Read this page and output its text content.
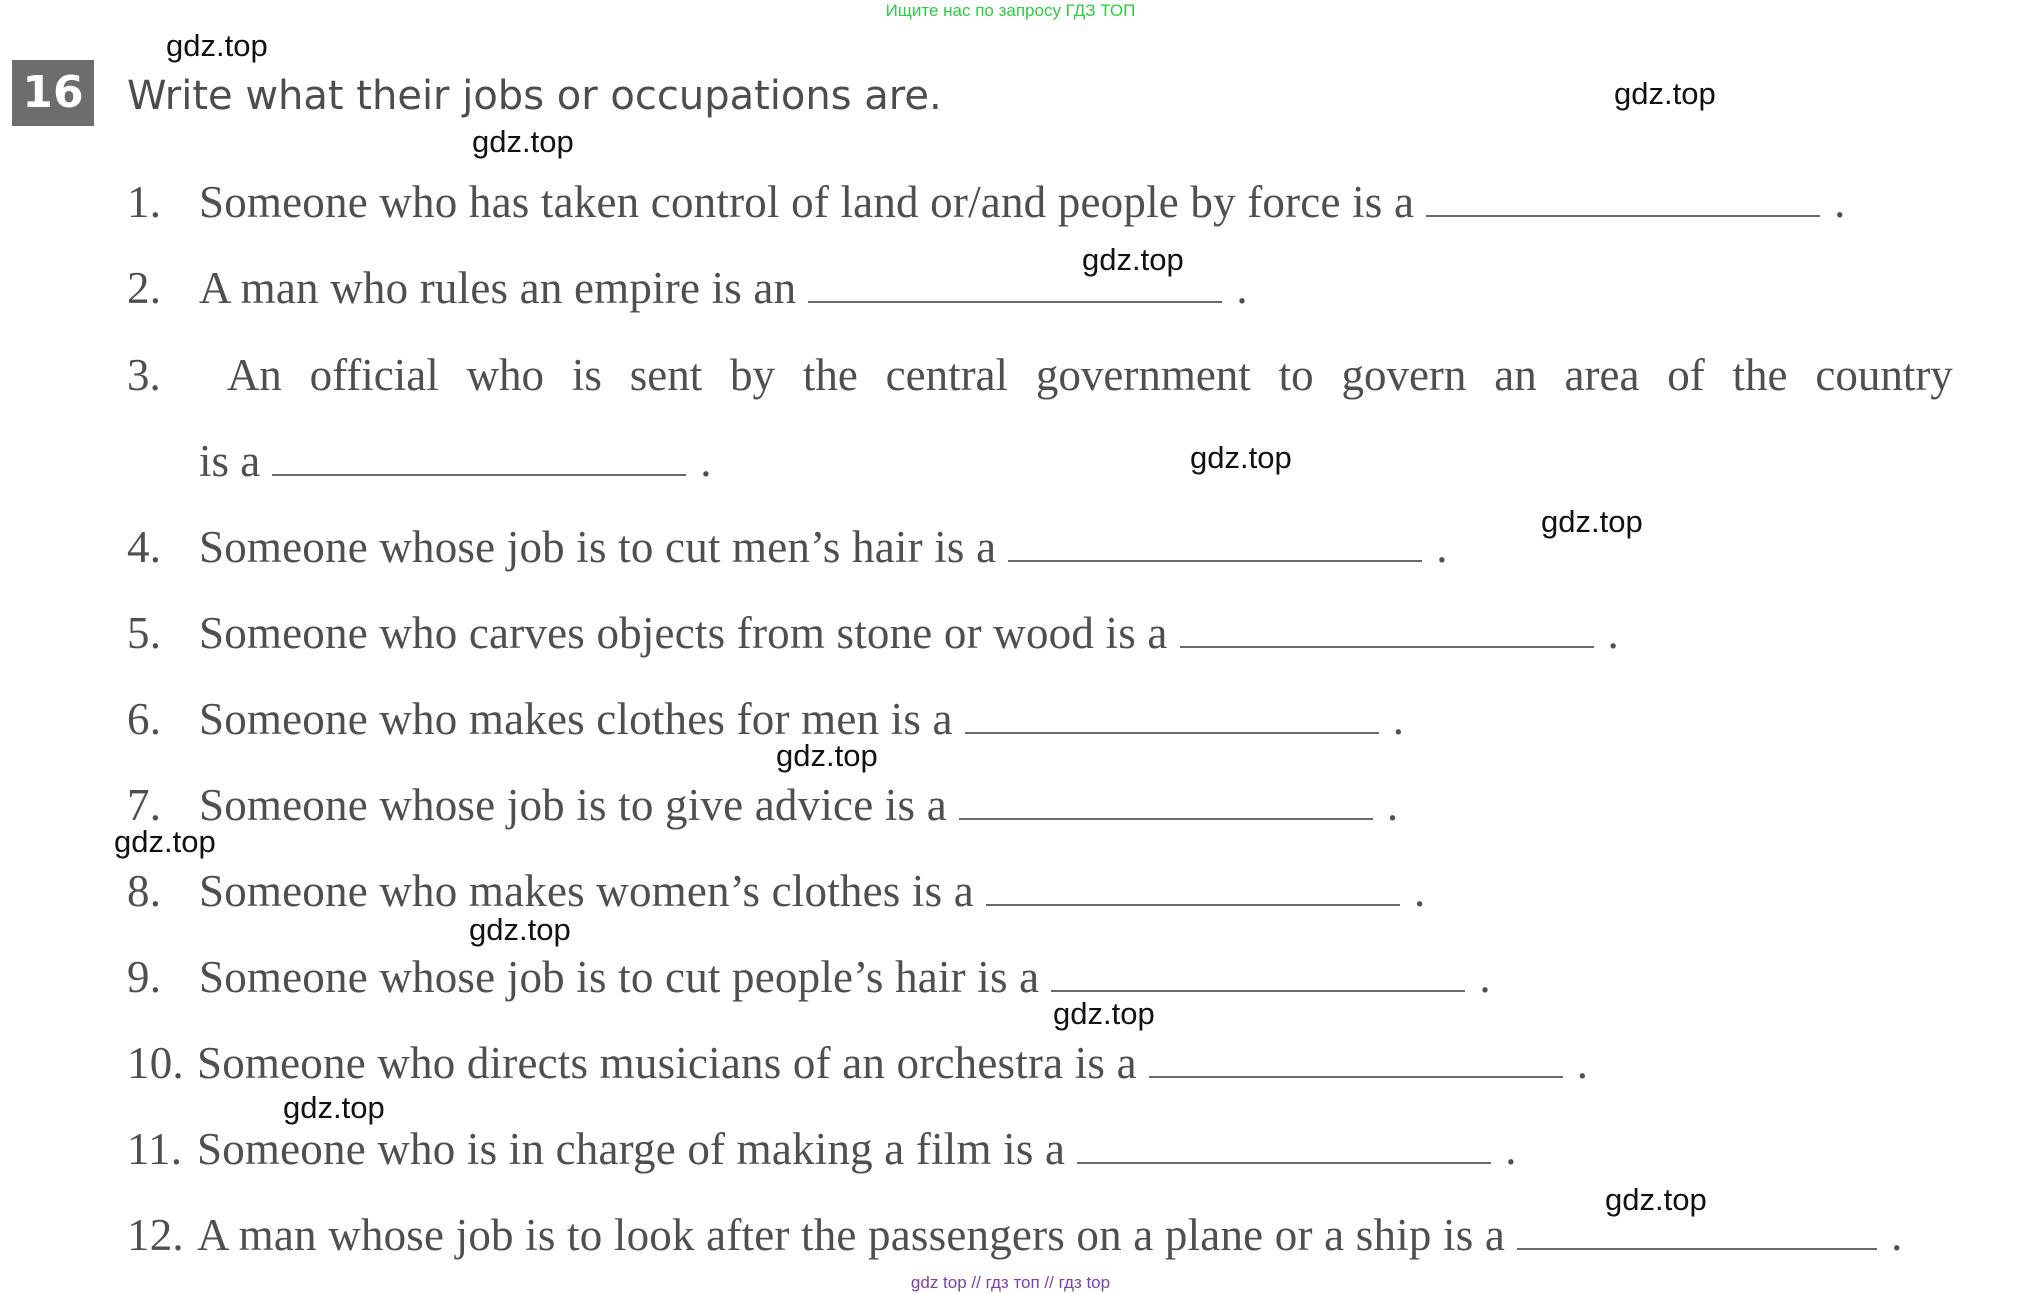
Ищите нас по запросу ГДЗ ТОП
16 Write what their jobs or occupations are.
1. Someone who has taken control of land or/and people by force is a	.
2. A man who rules an empire is an	.
3.	An official who is sent by the central government to govern an area of the country
is a	.
4. Someone whose job is to cut men’s hair is a	.
5. Someone who carves objects from stone or wood is a	.
6. Someone who makes clothes for men is a	.
7. Someone whose job is to give advice is a	.
8. Someone who makes women’s clothes is a	.
9. Someone whose job is to cut people’s hair is a	.
10. Someone who directs musicians of an orchestra is a	.
11. Someone who is in charge of making a film is a	.
12. A man whose job is to look after the passengers on a plane or a ship is a	.
gdz.top
gdz.top
gdz.top
gdz.top
gdz.top
gdz.top
gdz.top
gdz.top
gdz.top
gdz.top
gdz.top
gdz.top
gdz top // гдз топ // гдз top
